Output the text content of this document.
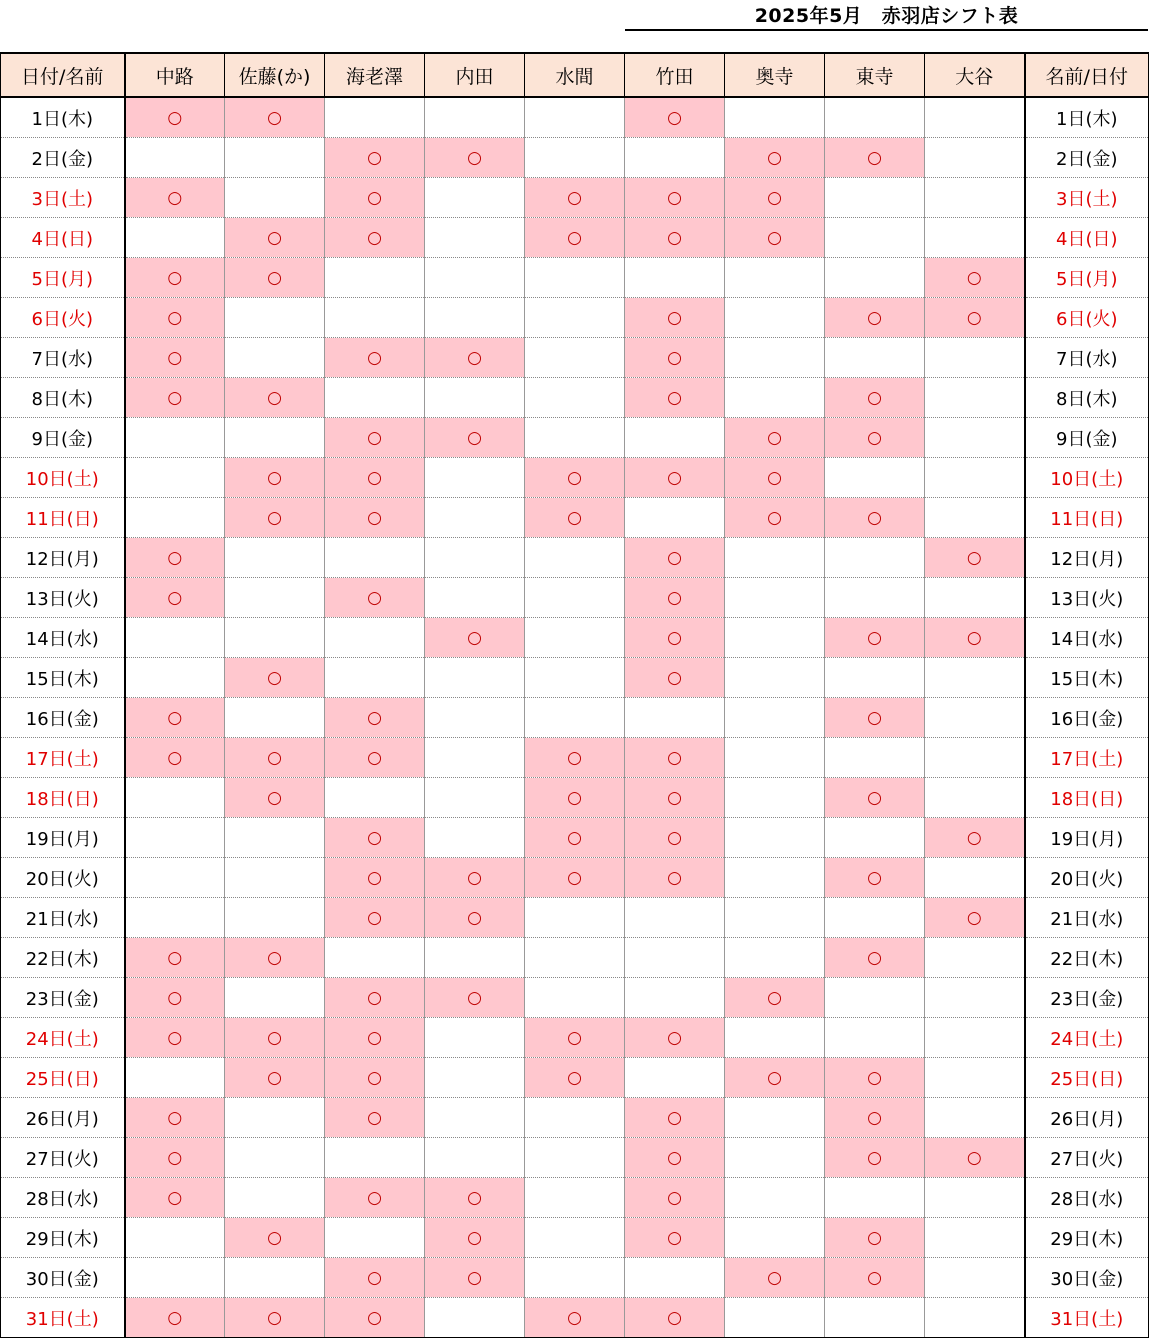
2025年5月　赤羽店シフト表
日付/名前	中路	佐藤(か)	海老澤	内田	水間	竹田	奥寺	東寺	大谷	名前/日付
1日(木)	○	○				○				1日(木)
2日(金)			○	○			○	○		2日(金)
3日(土)	○		○		○	○	○			3日(土)
4日(日)		○	○		○	○	○			4日(日)
5日(月)	○	○							○	5日(月)
6日(火)	○					○		○	○	6日(火)
7日(水)	○		○	○		○				7日(水)
8日(木)	○	○				○		○		8日(木)
9日(金)			○	○			○	○		9日(金)
10日(土)		○	○		○	○	○			10日(土)
11日(日)		○	○		○		○	○		11日(日)
12日(月)	○					○			○	12日(月)
13日(火)	○		○			○				13日(火)
14日(水)				○		○		○	○	14日(水)
15日(木)		○				○				15日(木)
16日(金)	○		○					○		16日(金)
17日(土)	○	○	○		○	○				17日(土)
18日(日)		○			○	○		○		18日(日)
19日(月)			○		○	○			○	19日(月)
20日(火)			○	○	○	○		○		20日(火)
21日(水)			○	○					○	21日(水)
22日(木)	○	○						○		22日(木)
23日(金)	○		○	○			○			23日(金)
24日(土)	○	○	○		○	○				24日(土)
25日(日)		○	○		○		○	○		25日(日)
26日(月)	○		○			○		○		26日(月)
27日(火)	○					○		○	○	27日(火)
28日(水)	○		○	○		○				28日(水)
29日(木)		○		○		○		○		29日(木)
30日(金)			○	○			○	○		30日(金)
31日(土)	○	○	○		○	○				31日(土)
